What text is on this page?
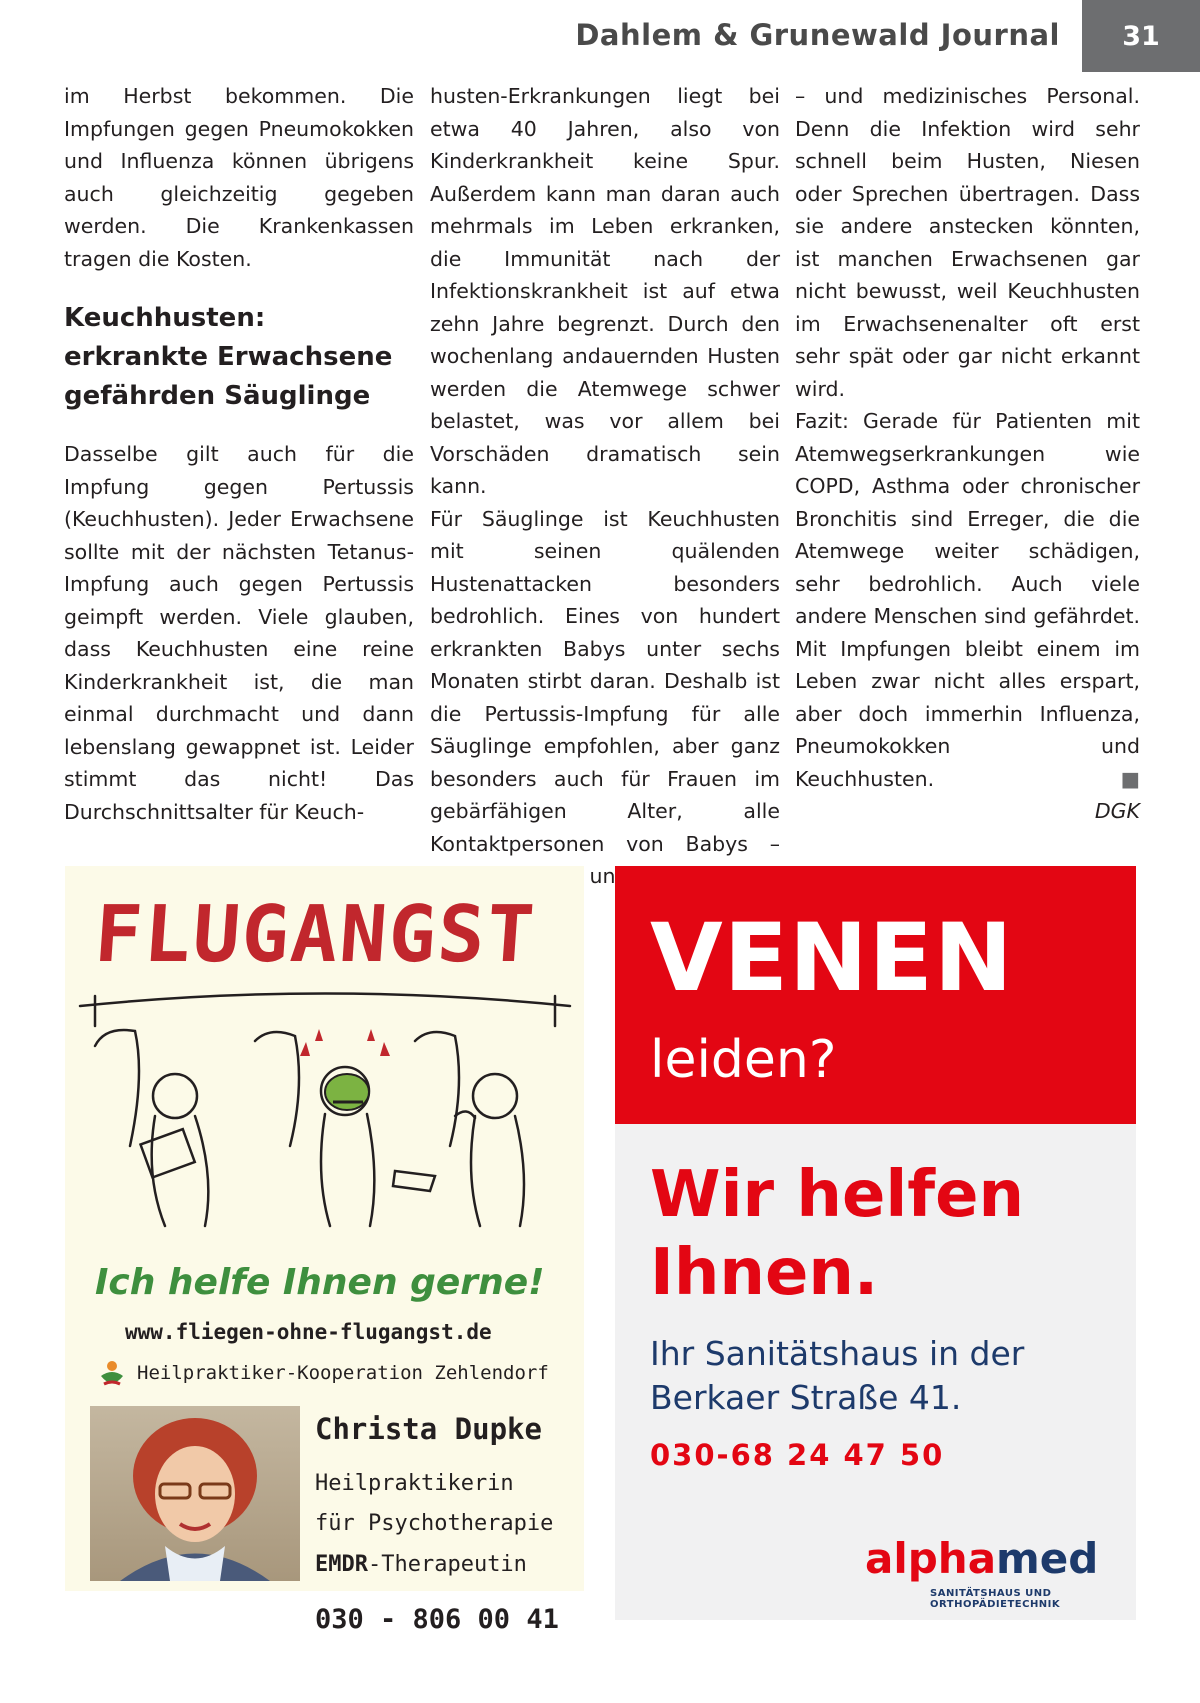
Dahlem & Grunewald Journal	31

im Herbst bekommen. Die Impfungen gegen Pneumokokken und Influenza können übrigens auch gleichzeitig gegeben werden. Die Krankenkassen tragen die Kosten.

Keuchhusten: erkrankte Erwachsene gefährden Säuglinge

Dasselbe gilt auch für die Impfung gegen Pertussis (Keuchhusten). Jeder Erwachsene sollte mit der nächsten Tetanus-Impfung auch gegen Pertussis geimpft werden. Viele glauben, dass Keuchhusten eine reine Kinderkrankheit ist, die man einmal durchmacht und dann lebenslang gewappnet ist. Leider stimmt das nicht! Das Durchschnittsalter für Keuch-

husten-Erkrankungen liegt bei etwa 40 Jahren, also von Kinderkrankheit keine Spur. Außerdem kann man daran auch mehrmals im Leben erkranken, die Immunität nach der Infektionskrankheit ist auf etwa zehn Jahre begrenzt. Durch den wochenlang andauernden Husten werden die Atemwege schwer belastet, was vor allem bei Vorschäden dramatisch sein kann.

Für Säuglinge ist Keuchhusten mit seinen quälenden Hustenattacken besonders bedrohlich. Eines von hundert erkrankten Babys unter sechs Monaten stirbt daran. Deshalb ist die Pertussis-Impfung für alle Säuglinge empfohlen, aber ganz besonders auch für Frauen im gebärfähigen Alter, alle Kontaktpersonen von Babys – und

– und medizinisches Personal. Denn die Infektion wird sehr schnell beim Husten, Niesen oder Sprechen übertragen. Dass sie andere anstecken könnten, ist manchen Erwachsenen gar nicht bewusst, weil Keuchhusten im Erwachsenenalter oft erst sehr spät oder gar nicht erkannt wird.

Fazit: Gerade für Patienten mit Atemwegserkrankungen wie COPD, Asthma oder chronischer Bronchitis sind Erreger, die die Atemwege weiter schädigen, sehr bedrohlich. Auch viele andere Menschen sind gefährdet. Mit Impfungen bleibt einem im Leben zwar nicht alles erspart, aber doch immerhin Influenza, Pneumokokken und Keuchhusten.	■

DGK

FLUGANGST
Ich helfe Ihnen gerne!
www.fliegen-ohne-flugangst.de
Heilpraktiker-Kooperation Zehlendorf
Christa Dupke
Heilpraktikerin
für Psychotherapie
EMDR-Therapeutin
030 - 806 00 41
VENEN
leiden?
Wir helfen
Ihnen.
Ihr Sanitätshaus in der
Berkaer Straße 41.
030-68 24 47 50
alphamed
SANITÄTSHAUS UND ORTHOPÄDIETECHNIK
